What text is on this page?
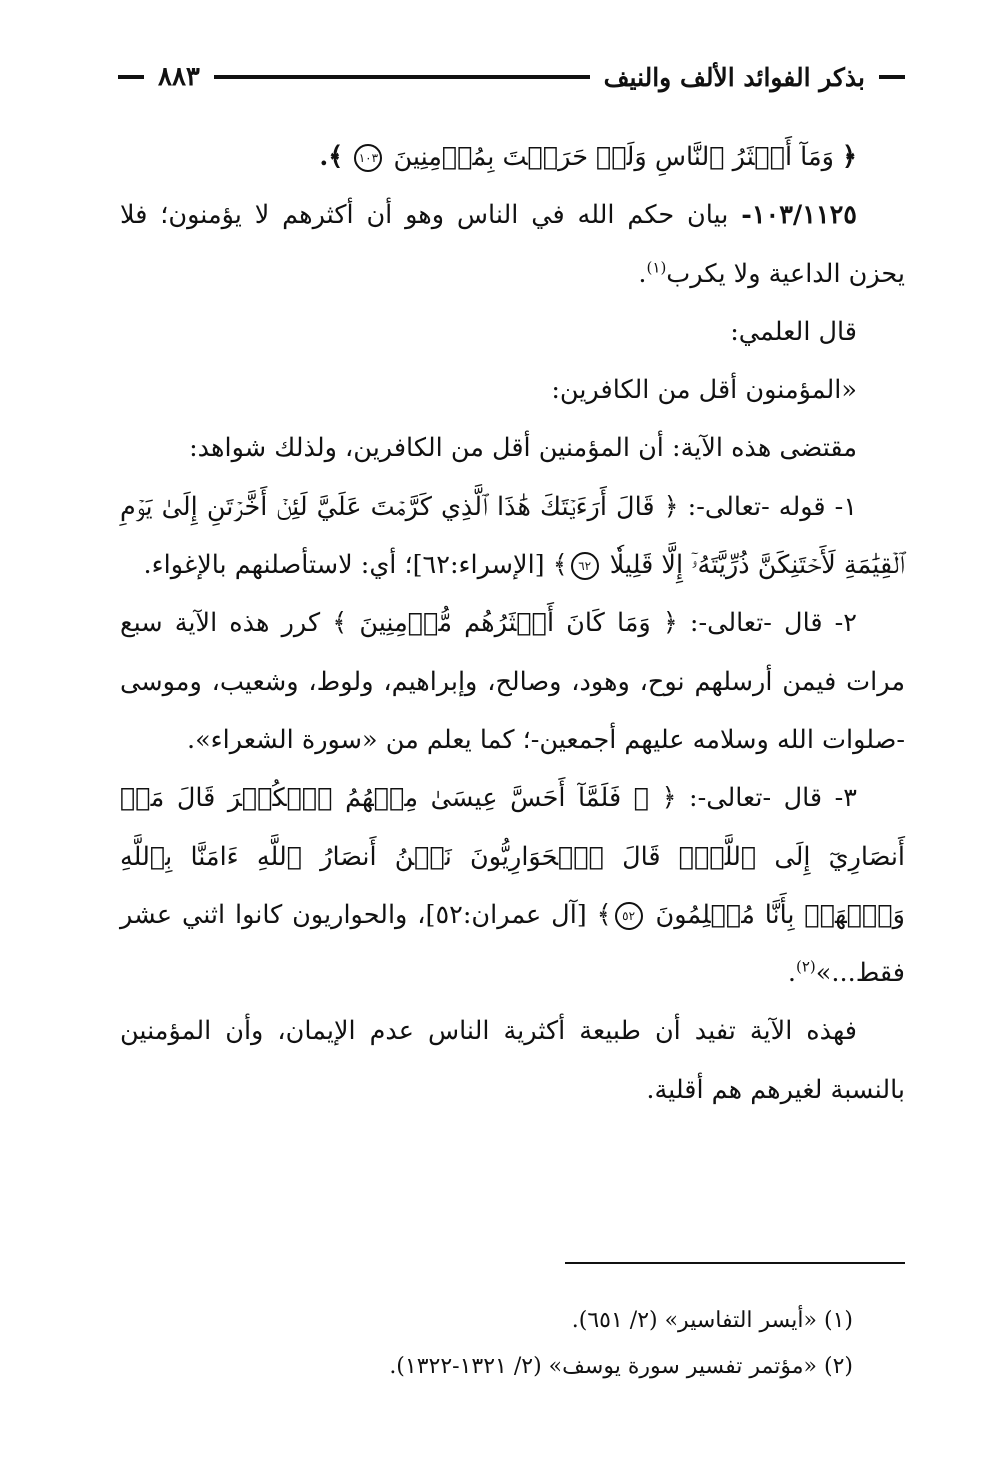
بذكر الفوائد الألف والنيف
٨٨٣

﴿ وَمَآ أَكۡثَرُ ٱلنَّاسِ وَلَوۡ حَرَصۡتَ بِمُؤۡمِنِينَ ١٠٣ ﴾.

١٠٣/١١٢٥- بيان حكم الله في الناس وهو أن أكثرهم لا يؤمنون؛ فلا يحزن الداعية ولا يكرب$^{(١)}$.

قال العلمي:

«المؤمنون أقل من الكافرين:

مقتضى هذه الآية: أن المؤمنين أقل من الكافرين، ولذلك شواهد:

١- قوله -تعالى-: ﴿ قَالَ أَرَءَيۡتَكَ هَٰذَا ٱلَّذِي كَرَّمۡتَ عَلَيَّ لَئِنۡ أَخَّرۡتَنِ إِلَىٰ يَوۡمِ ٱلۡقِيَٰمَةِ لَأَحۡتَنِكَنَّ ذُرِّيَّتَهُۥٓ إِلَّا قَلِيلٗا ٦٢﴾ [الإسراء:٦٢]؛ أي: لاستأصلنهم بالإغواء.

٢- قال -تعالى-: ﴿ وَمَا كَانَ أَكۡثَرُهُم مُّؤۡمِنِينَ ﴾ كرر هذه الآية سبع مرات فيمن أرسلهم نوح، وهود، وصالح، وإبراهيم، ولوط، وشعيب، وموسى -صلوات الله وسلامه عليهم أجمعين-؛ كما يعلم من «سورة الشعراء».

٣- قال -تعالى-: ﴿ ۞ فَلَمَّآ أَحَسَّ عِيسَىٰ مِنۡهُمُ ٱلۡكُفۡرَ قَالَ مَنۡ أَنصَارِيٓ إِلَى ٱللَّهِۖ قَالَ ٱلۡحَوَارِيُّونَ نَحۡنُ أَنصَارُ ٱللَّهِ ءَامَنَّا بِٱللَّهِ وَٱشۡهَدۡ بِأَنَّا مُسۡلِمُونَ ٥٢﴾ [آل عمران:٥٢]، والحواريون كانوا اثني عشر فقط...»$^{(٢)}$.

فهذه الآية تفيد أن طبيعة أكثرية الناس عدم الإيمان، وأن المؤمنين بالنسبة لغيرهم هم أقلية.

(١) «أيسر التفاسير» (٢/ ٦٥١).

(٢) «مؤتمر تفسير سورة يوسف» (٢/ ١٣٢١-١٣٢٢).
